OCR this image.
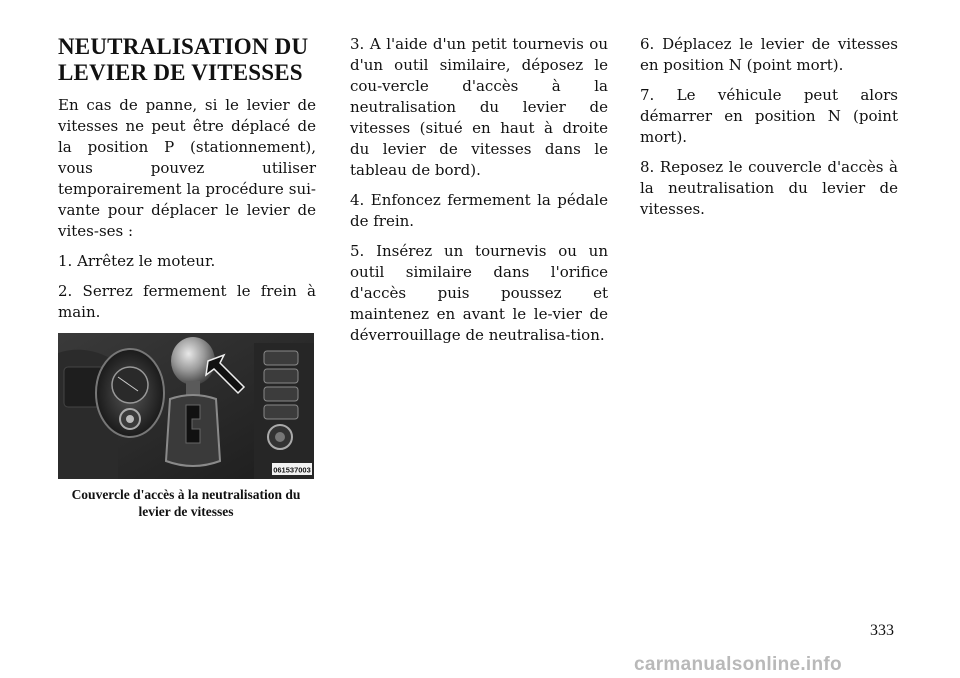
NEUTRALISATION DU
LEVIER DE VITESSES

En cas de panne, si le levier de vitesses ne peut être déplacé de la position P (stationnement), vous pouvez utiliser temporairement la procédure sui-vante pour déplacer le levier de vites-ses :

1. Arrêtez le moteur.

2. Serrez fermement le frein à main.

061537003
Couvercle d'accès à la neutralisation du levier de vitesses

3. A l'aide d'un petit tournevis ou d'un outil similaire, déposez le cou-vercle d'accès à la neutralisation du levier de vitesses (situé en haut à droite du levier de vitesses dans le tableau de bord).

4. Enfoncez fermement la pédale de frein.

5. Insérez un tournevis ou un outil similaire dans l'orifice d'accès puis poussez et maintenez en avant le le-vier de déverrouillage de neutralisa-tion.

6. Déplacez le levier de vitesses en position N (point mort).

7. Le véhicule peut alors démarrer en position N (point mort).

8. Reposez le couvercle d'accès à la neutralisation du levier de vitesses.

333
carmanualsonline.info
